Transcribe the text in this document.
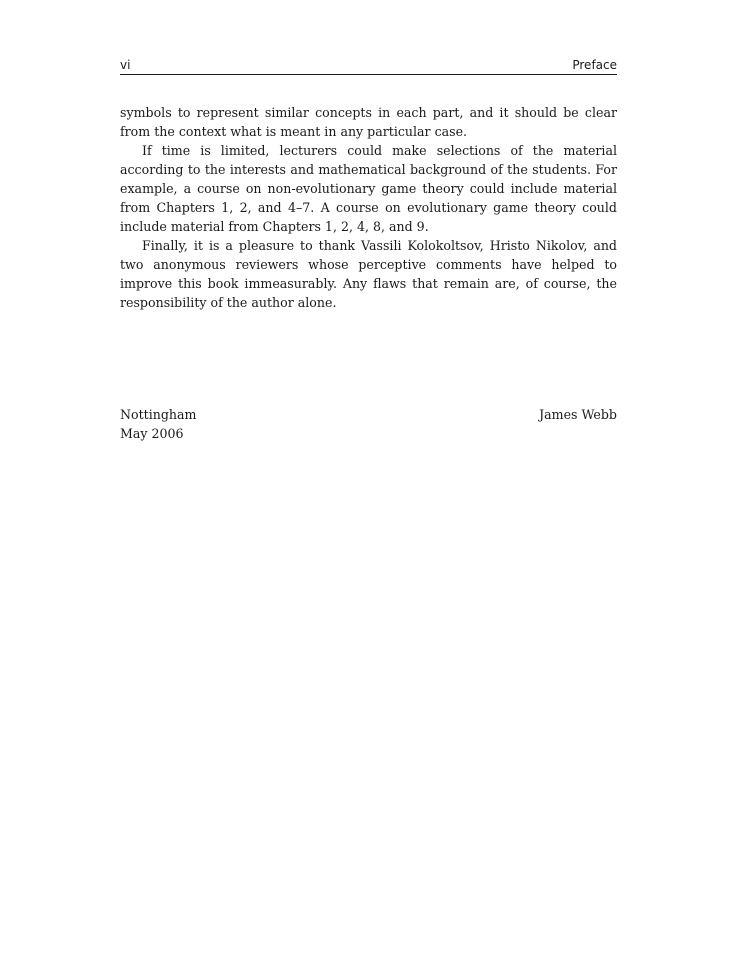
vi	Preface

symbols to represent similar concepts in each part, and it should be clear from the context what is meant in any particular case.

If time is limited, lecturers could make selections of the material according to the interests and mathematical background of the students. For example, a course on non-evolutionary game theory could include material from Chapters 1, 2, and 4–7. A course on evolutionary game theory could include material from Chapters 1, 2, 4, 8, and 9.

Finally, it is a pleasure to thank Vassili Kolokoltsov, Hristo Nikolov, and two anonymous reviewers whose perceptive comments have helped to improve this book immeasurably. Any flaws that remain are, of course, the responsibility of the author alone.

Nottingham
May 2006
James Webb
